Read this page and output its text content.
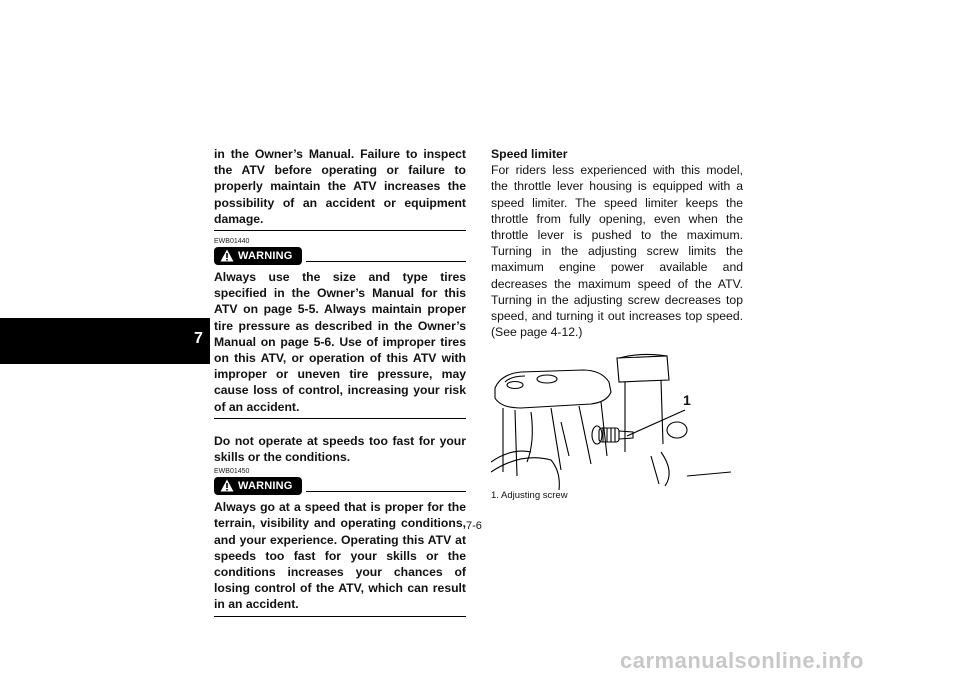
7
in the Owner’s Manual. Failure to inspect the ATV before operating or failure to properly maintain the ATV increases the possibility of an accident or equipment damage.
EWB01440
WARNING
Always use the size and type tires specified in the Owner’s Manual for this ATV on page 5-5. Always maintain proper tire pressure as described in the Owner’s Manual on page 5-6. Use of improper tires on this ATV, or operation of this ATV with improper or uneven tire pressure, may cause loss of control, increasing your risk of an accident.
Do not operate at speeds too fast for your skills or the conditions.
EWB01450
WARNING
Always go at a speed that is proper for the terrain, visibility and operating conditions, and your experience. Operating this ATV at speeds too fast for your skills or the conditions increases your chances of losing control of the ATV, which can result in an accident.
Speed limiter
For riders less experienced with this model, the throttle lever housing is equipped with a speed limiter. The speed limiter keeps the throttle from fully opening, even when the throttle lever is pushed to the maximum. Turning in the adjusting screw limits the maximum engine power available and decreases the maximum speed of the ATV. Turning in the adjusting screw decreases top speed, and turning it out increases top speed. (See page 4-12.)
1
1. Adjusting screw
7-6
carmanualsonline.info
